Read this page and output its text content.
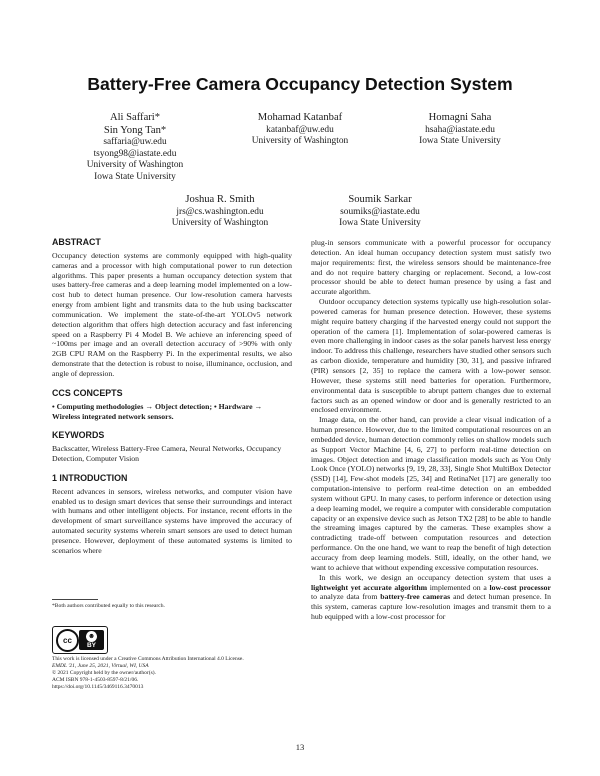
Battery-Free Camera Occupancy Detection System
Ali Saffari*
Sin Yong Tan*
saffaria@uw.edu
tsyong98@iastate.edu
University of Washington
Iowa State University
Mohamad Katanbaf
katanbaf@uw.edu
University of Washington
Homagni Saha
hsaha@iastate.edu
Iowa State University
Joshua R. Smith
jrs@cs.washington.edu
University of Washington
Soumik Sarkar
soumiks@iastate.edu
Iowa State University

ABSTRACT

Occupancy detection systems are commonly equipped with high-quality cameras and a processor with high computational power to run detection algorithms. This paper presents a human occupancy detection system that uses battery-free cameras and a deep learning model implemented on a low-cost hub to detect human presence. Our low-resolution camera harvests energy from ambient light and transmits data to the hub using backscatter communication. We implement the state-of-the-art YOLOv5 network detection algorithm that offers high detection accuracy and fast inferencing speed on a Raspberry Pi 4 Model B. We achieve an inferencing speed of ~100ms per image and an overall detection accuracy of >90% with only 2GB CPU RAM on the Raspberry Pi. In the experimental results, we also demonstrate that the detection is robust to noise, illuminance, occlusion, and angle of depression.

CCS CONCEPTS

• Computing methodologies → Object detection; • Hardware → Wireless integrated network sensors.

KEYWORDS

Backscatter, Wireless Battery-Free Camera, Neural Networks, Occupancy Detection, Computer Vision

1 INTRODUCTION

Recent advances in sensors, wireless networks, and computer vision have enabled us to design smart devices that sense their surroundings and interact with humans and other intelligent objects. For instance, recent efforts in the development of smart surveillance systems have improved the accuracy of automated security systems wherein smart sensors are used to detect human presence. However, deployment of these automated systems is limited to scenarios where

*Both authors contributed equally to this research.
cc	☻
BY
This work is licensed under a Creative Commons Attribution International 4.0 License.
EMDL '21, June 25, 2021, Virtual, WI, USA
© 2021 Copyright held by the owner/author(s).
ACM ISBN 978-1-4503-8597-8/21/06.
https://doi.org/10.1145/3469116.3470013

plug-in sensors communicate with a powerful processor for occupancy detection. An ideal human occupancy detection system must satisfy two major requirements: first, the wireless sensors should be maintenance-free and do not require battery charging or replacement. Second, a low-cost processor should be able to detect human presence by using a fast and accurate algorithm.

Outdoor occupancy detection systems typically use high-resolution solar-powered cameras for human presence detection. However, these systems might require battery charging if the harvested energy could not support the operation of the camera [1]. Implementation of solar-powered cameras is even more challenging in indoor cases as the solar panels harvest less energy indoor. To address this challenge, researchers have studied other sensors such as carbon dioxide, temperature and humidity [30, 31], and passive infrared (PIR) sensors [2, 35] to replace the camera with a low-power sensor. However, these systems still need batteries for operation. Furthermore, environmental data is susceptible to abrupt pattern changes due to external factors such as an opened window or door and is generally restricted to an enclosed environment.

Image data, on the other hand, can provide a clear visual indication of a human presence. However, due to the limited computational resources on an embedded device, human detection commonly relies on shallow models such as Support Vector Machine [4, 6, 27] to perform real-time detection on images. Object detection and image classification models such as You Only Look Once (YOLO) networks [9, 19, 28, 33], Single Shot MultiBox Detector (SSD) [14], Few-shot models [25, 34] and RetinaNet [17] are generally too computation-intensive to perform real-time detection on an embedded system without GPU. In many cases, to perform inference or detection using a deep learning model, we require a computer with considerable computation capacity or an expensive device such as Jetson TX2 [28] to be able to handle the streaming images captured by the cameras. These examples show a contradicting trade-off between computation resources and detection performance. On the one hand, we want to reap the benefit of high detection accuracy from deep learning models. Still, ideally, on the other hand, we want to achieve that without expending excessive computation resources.

In this work, we design an occupancy detection system that uses a lightweight yet accurate algorithm implemented on a low-cost processor to analyze data from battery-free cameras and detect human presence. In this system, cameras capture low-resolution images and transmit them to a hub equipped with a low-cost processor for

13
